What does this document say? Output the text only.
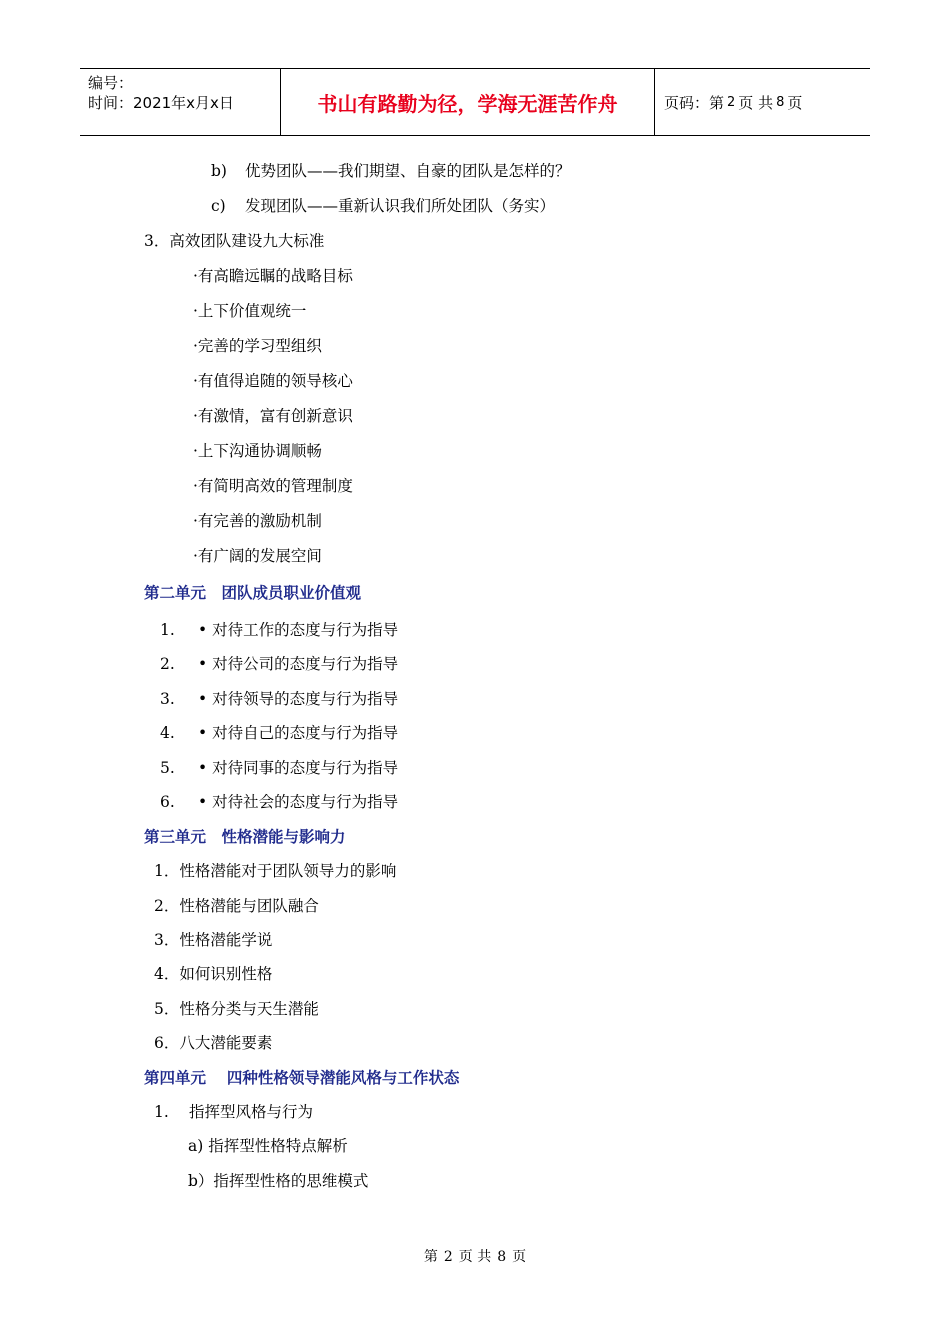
编号：
时间：2021年x月x日	书山有路勤为径，学海无涯苦作舟	页码：第 2 页 共 8 页
b) 优势团队——我们期望、自豪的团队是怎样的？
c) 发现团队——重新认识我们所处团队（务实）
3．高效团队建设九大标准
·有高瞻远瞩的战略目标
·上下价值观统一
·完善的学习型组织
·有值得追随的领导核心
·有激情，富有创新意识
·上下沟通协调顺畅
·有简明高效的管理制度
·有完善的激励机制
·有广阔的发展空间
第二单元　团队成员职业价值观
1. • 对待工作的态度与行为指导
2. • 对待公司的态度与行为指导
3. • 对待领导的态度与行为指导
4. • 对待自己的态度与行为指导
5. • 对待同事的态度与行为指导
6. • 对待社会的态度与行为指导
第三单元　性格潜能与影响力
1．性格潜能对于团队领导力的影响
2．性格潜能与团队融合
3．性格潜能学说
4．如何识别性格
5．性格分类与天生潜能
6．八大潜能要素
第四单元　 四种性格领导潜能风格与工作状态
1. 指挥型风格与行为
a) 指挥型性格特点解析
b）指挥型性格的思维模式
第 2 页 共 8 页
